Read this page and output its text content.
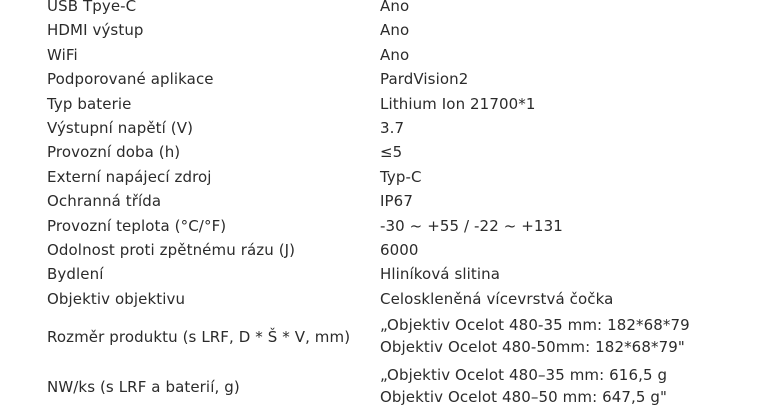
USB Tpye-C	Ano
HDMI výstup	Ano
WiFi	Ano
Podporované aplikace	PardVision2
Typ baterie	Lithium Ion 21700*1
Výstupní napětí (V)	3.7
Provozní doba (h)	≤5
Externí napájecí zdroj	Typ-C
Ochranná třída	IP67
Provozní teplota (°C/°F)	-30 ~ +55 / -22 ~ +131
Odolnost proti zpětnému rázu (J)	6000
Bydlení	Hliníková slitina
Objektiv objektivu	Celoskleněná vícevrstvá čočka
Rozměr produktu (s LRF, D * Š * V, mm)	„Objektiv Ocelot 480-35 mm: 182*68*79
Objektiv Ocelot 480-50mm: 182*68*79"

NW/ks (s LRF a baterií, g)	„Objektiv Ocelot 480–35 mm: 616,5 g
Objektiv Ocelot 480–50 mm: 647,5 g"
